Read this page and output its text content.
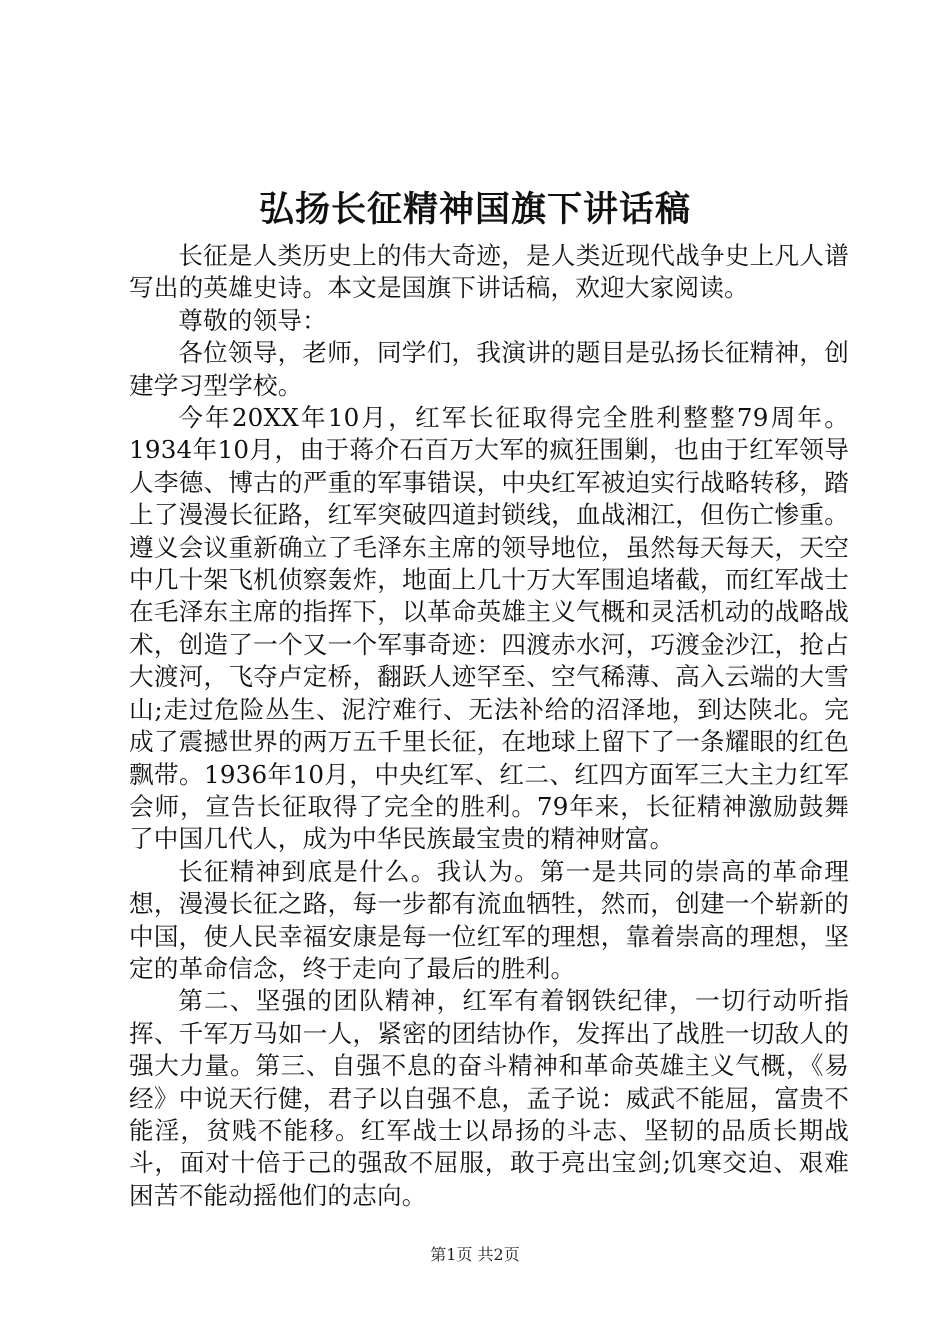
弘扬长征精神国旗下讲话稿

长征是人类历史上的伟大奇迹，是人类近现代战争史上凡人谱写出的英雄史诗。本文是国旗下讲话稿，欢迎大家阅读。

尊敬的领导：

各位领导，老师，同学们，我演讲的题目是弘扬长征精神，创建学习型学校。

今年20XX年10月，红军长征取得完全胜利整整79周年。1934年10月，由于蒋介石百万大军的疯狂围剿，也由于红军领导人李德、博古的严重的军事错误，中央红军被迫实行战略转移，踏上了漫漫长征路，红军突破四道封锁线，血战湘江，但伤亡惨重。遵义会议重新确立了毛泽东主席的领导地位，虽然每天每天，天空中几十架飞机侦察轰炸，地面上几十万大军围追堵截，而红军战士在毛泽东主席的指挥下，以革命英雄主义气概和灵活机动的战略战术，创造了一个又一个军事奇迹：四渡赤水河，巧渡金沙江，抢占大渡河，飞夺卢定桥，翻跃人迹罕至、空气稀薄、高入云端的大雪山;走过危险丛生、泥泞难行、无法补给的沼泽地，到达陕北。完成了震撼世界的两万五千里长征，在地球上留下了一条耀眼的红色飘带。1936年10月，中央红军、红二、红四方面军三大主力红军会师，宣告长征取得了完全的胜利。79年来，长征精神激励鼓舞了中国几代人，成为中华民族最宝贵的精神财富。

长征精神到底是什么。我认为。第一是共同的崇高的革命理想，漫漫长征之路，每一步都有流血牺牲，然而，创建一个崭新的中国，使人民幸福安康是每一位红军的理想，靠着崇高的理想，坚定的革命信念，终于走向了最后的胜利。

第二、坚强的团队精神，红军有着钢铁纪律，一切行动听指挥、千军万马如一人，紧密的团结协作，发挥出了战胜一切敌人的强大力量。第三、自强不息的奋斗精神和革命英雄主义气概，《易经》中说天行健，君子以自强不息，孟子说：威武不能屈，富贵不能淫，贫贱不能移。红军战士以昂扬的斗志、坚韧的品质长期战斗，面对十倍于己的强敌不屈服，敢于亮出宝剑;饥寒交迫、艰难困苦不能动摇他们的志向。

第1页 共2页
